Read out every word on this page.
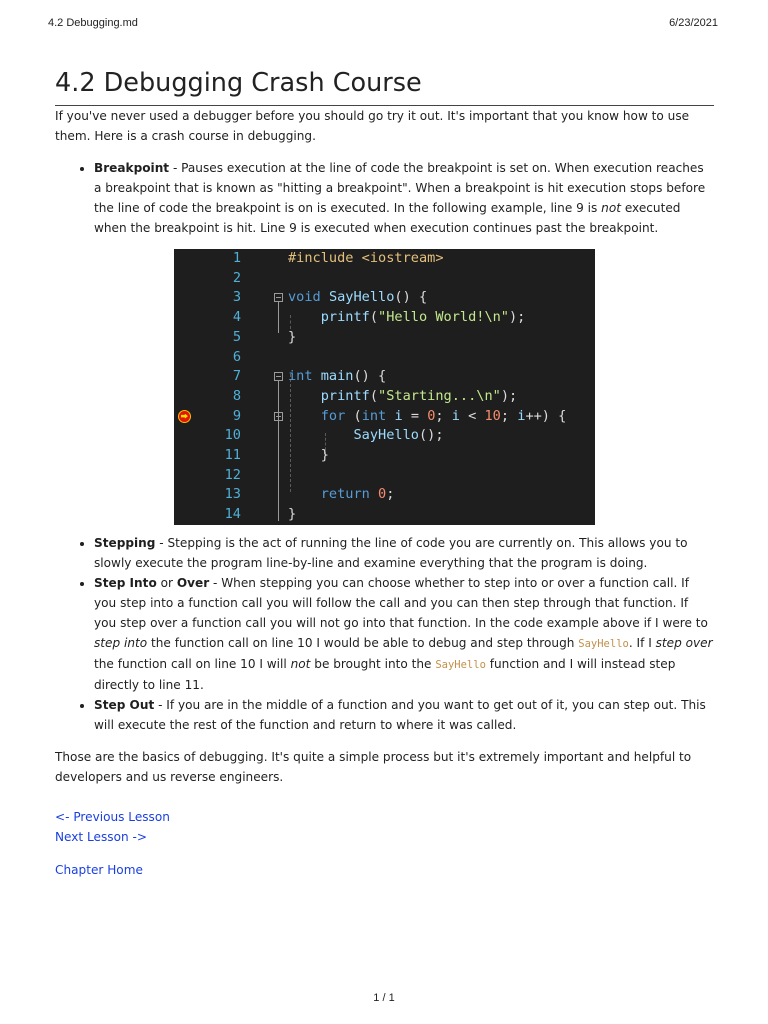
4.2 Debugging.md	6/23/2021
4.2 Debugging Crash Course

If you've never used a debugger before you should go try it out. It's important that you know how to use them. Here is a crash course in debugging.

• Breakpoint - Pauses execution at the line of code the breakpoint is set on. When execution reaches a breakpoint that is known as "hitting a breakpoint". When a breakpoint is hit execution stops before the line of code the breakpoint is on is executed. In the following example, line 9 is not executed when the breakpoint is hit. Line 9 is executed when execution continues past the breakpoint.
1	#include <iostream>
2
3	void SayHello() {
4	printf("Hello World!\n");
5	}
6
7	int main() {
8	printf("Starting...\n");
9	for (int i = 0; i < 10; i++) {
10	SayHello();
11	}
12
13	return 0;
14	}
• Stepping - Stepping is the act of running the line of code you are currently on. This allows you to slowly execute the program line-by-line and examine everything that the program is doing.
• Step Into or Over - When stepping you can choose whether to step into or over a function call. If you step into a function call you will follow the call and you can then step through that function. If you step over a function call you will not go into that function. In the code example above if I were to step into the function call on line 10 I would be able to debug and step through SayHello. If I step over the function call on line 10 I will not be brought into the SayHello function and I will instead step directly to line 11.
• Step Out - If you are in the middle of a function and you want to get out of it, you can step out. This will execute the rest of the function and return to where it was called.

Those are the basics of debugging. It's quite a simple process but it's extremely important and helpful to developers and us reverse engineers.

<- Previous Lesson
Next Lesson ->
Chapter Home
1 / 1
